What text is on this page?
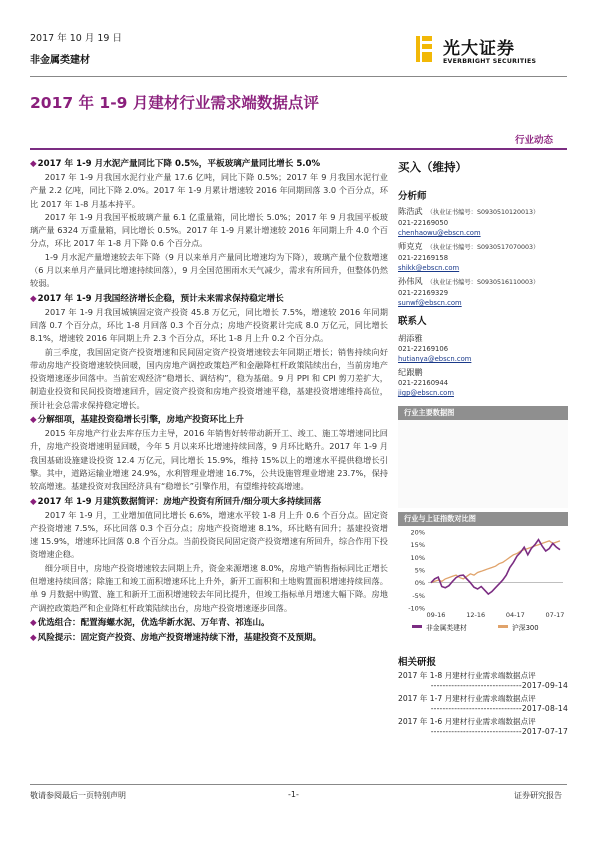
2017 年 10 月 19 日
非金属类建材
光大证券
EVERBRIGHT SECURITIES
2017 年 1-9 月建材行业需求端数据点评
行业动态
◆2017 年 1-9 月水泥产量同比下降 0.5%，平板玻璃产量同比增长 5.0%
2017 年 1-9 月我国水泥行业产量 17.6 亿吨，同比下降 0.5%；2017 年 9 月我国水泥行业产量 2.2 亿吨，同比下降 2.0%。2017 年 1-9 月累计增速较 2016 年同期回落 3.0 个百分点，环比 2017 年 1-8 月基本持平。
2017 年 1-9 月我国平板玻璃产量 6.1 亿重量箱，同比增长 5.0%；2017 年 9 月我国平板玻璃产量 6324 万重量箱，同比增长 0.5%。2017 年 1-9 月累计增速较 2016 年同期上升 4.0 个百分点，环比 2017 年 1-8 月下降 0.6 个百分点。
1-9 月水泥产量增速较去年下降（9 月以来单月产量同比增速均为下降），玻璃产量个位数增速（6 月以来单月产量同比增速持续回落），9 月全国范围雨水天气减少，需求有所回升，但整体仍然较弱。
◆2017 年 1-9 月我国经济增长企稳，预计未来需求保持稳定增长
2017 年 1-9 月我国城镇固定资产投资 45.8 万亿元，同比增长 7.5%，增速较 2016 年同期回落 0.7 个百分点，环比 1-8 月回落 0.3 个百分点；房地产投资累计完成 8.0 万亿元，同比增长 8.1%，增速较 2016 年同期上升 2.3 个百分点，环比 1-8 月上升 0.2 个百分点。
前三季度，我国固定资产投资增速和民间固定资产投资增速较去年同期正增长；销售持续向好带动房地产投资增速较快回暖，国内房地产调控政策趋严和金融降杠杆政策陆续出台，当前房地产投资增速逐步回落中。当前宏观经济“稳增长、调结构”，稳为基础。9 月 PPI 和 CPI 剪刀差扩大，制造业投资和民间投资增速回升，固定资产投资和房地产投资增速平稳，基建投资增速维持高位，预计社会总需求保持稳定增长。
◆分解细项，基建投资稳增长引擎，房地产投资环比上升
2015 年房地产行业去库存压力主导，2016 年销售好转带动新开工、竣工、施工等增速同比回升，房地产投资增速明显回暖，今年 5 月以来环比增速持续回落，9 月环比略升。2017 年 1-9 月我国基础设施建设投资 12.4 万亿元，同比增长 15.9%，维持 15%以上的增速水平提供稳增长引擎。其中，道路运输业增速 24.9%，水利管理业增速 16.7%，公共设施管理业增速 23.7%，保持较高增速。基建投资对我国经济具有“稳增长”引擎作用，有望维持较高增速。
◆2017 年 1-9 月建筑数据简评：房地产投资有所回升/细分项大多持续回落
2017 年 1-9 月，工业增加值同比增长 6.6%，增速水平较 1-8 月上升 0.6 个百分点。固定资产投资增速 7.5%，环比回落 0.3 个百分点；房地产投资增速 8.1%，环比略有回升；基建投资增速 15.9%，增速环比回落 0.8 个百分点。当前投资民间固定资产投资增速有所回升，综合作用下投资增速企稳。
细分项目中，房地产投资增速较去同期上升，资金来源增速 8.0%，房地产销售指标同比正增长但增速持续回落；除施工和竣工面积增速环比上升外，新开工面积和土地购置面积增速持续回落。单 9 月数据中购置、施工和新开工面积增速较去年同比提升，但竣工指标单月增速大幅下降。房地产调控政策趋严和企业降杠杆政策陆续出台，房地产投资增速逐步回落。
◆优选组合：配置海螺水泥，优选华新水泥、万年青、祁连山。
◆风险提示：固定资产投资、房地产投资增速持续下滑，基建投资不及预期。
买入（维持）
分析师
陈浩武 （执业证书编号：S0930510120013）
021-22169050
chenhaowu@ebscn.com
师克克 （执业证书编号：S0930517070003）
021-22169158
shikk@ebscn.com
孙伟风 （执业证书编号：S0930516110003）
021-22169329
sunwf@ebscn.com
联系人
胡添雅
021-22169106
hutianya@ebscn.com
纪跟鹏
021-22160944
jigp@ebscn.com
行业主要数据图
行业与上证指数对比图
20%
15%
10%
5%
0%
-5%
-10%
09-16	12-16	04-17	07-17
非金属类建材	沪深300
相关研报
2017 年 1-8 月建材行业需求端数据点评
-------------------------------2017-09-14
2017 年 1-7 月建材行业需求端数据点评
-------------------------------2017-08-14
2017 年 1-6 月建材行业需求端数据点评
-------------------------------2017-07-17
敬请参阅最后一页特别声明	-1-	证券研究报告
